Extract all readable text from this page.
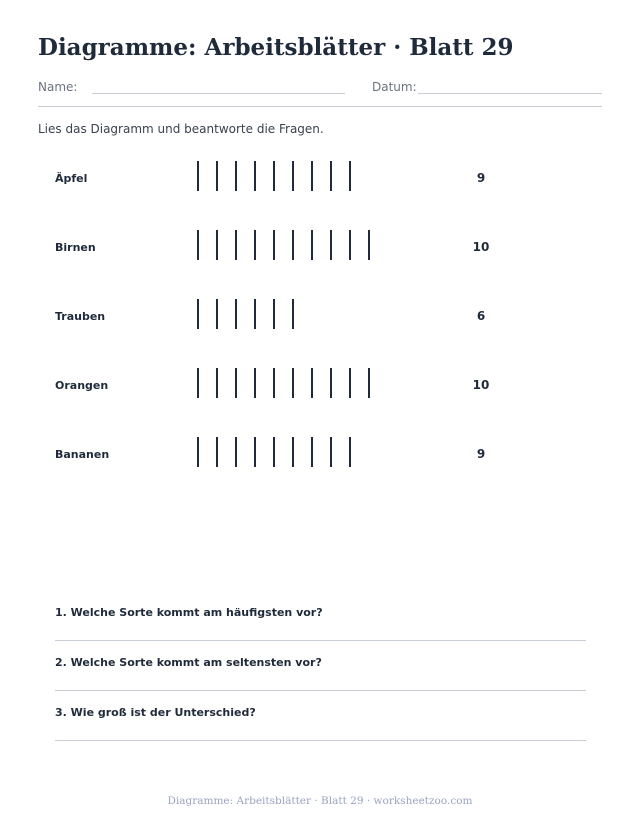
Diagramme: Arbeitsblätter · Blatt 29
Name:	Datum:
Lies das Diagramm und beantworte die Fragen.
Äpfel	9
Birnen	10
Trauben	6
Orangen	10
Bananen	9
1. Welche Sorte kommt am häufigsten vor?
2. Welche Sorte kommt am seltensten vor?
3. Wie groß ist der Unterschied?
Diagramme: Arbeitsblätter · Blatt 29 · worksheetzoo.com
